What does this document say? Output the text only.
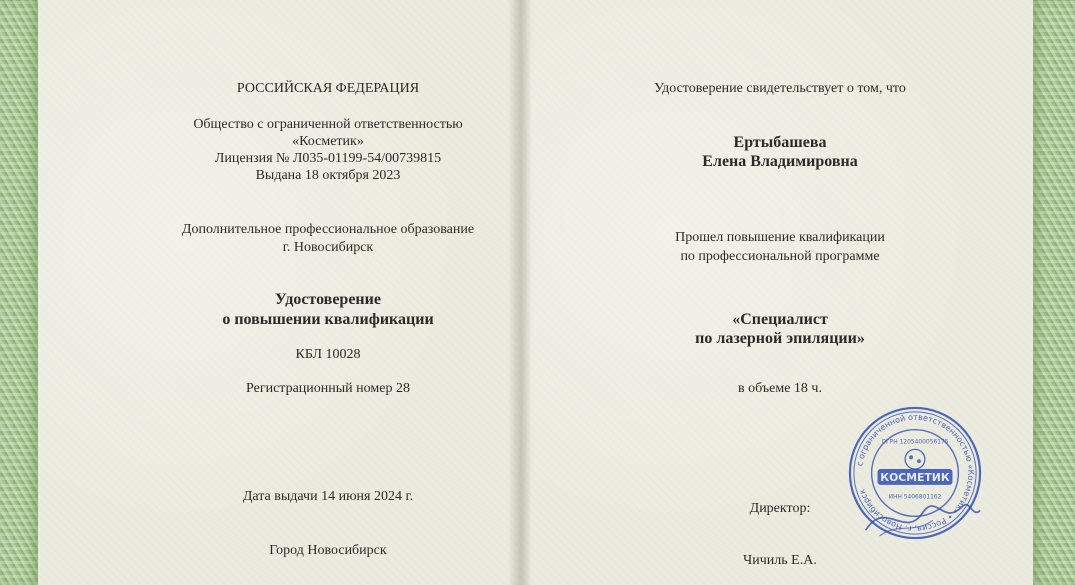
РОССИЙСКАЯ ФЕДЕРАЦИЯ
Общество с ограниченной ответственностью
«Косметик»
Лицензия № Л035-01199-54/00739815
Выдана 18 октября 2023
Дополнительное профессиональное образование
г. Новосибирск
Удостоверение
о повышении квалификации
КБЛ 10028
Регистрационный номер 28
Дата выдачи 14 июня 2024 г.
Город Новосибирск
Удостоверение свидетельствует о том, что
Ертыбашева
Елена Владимировна
Прошел повышение квалификации
по профессиональной программе
«Специалист
по лазерной эпиляции»
в объеме 18 ч.
Директор:
Чичиль Е.А.
с ограниченной ответственностью «Косметик» • Россия, г. Новосибирск
ОГРН 1205400056175
КОСМЕТИК
ИНН 5406801162
